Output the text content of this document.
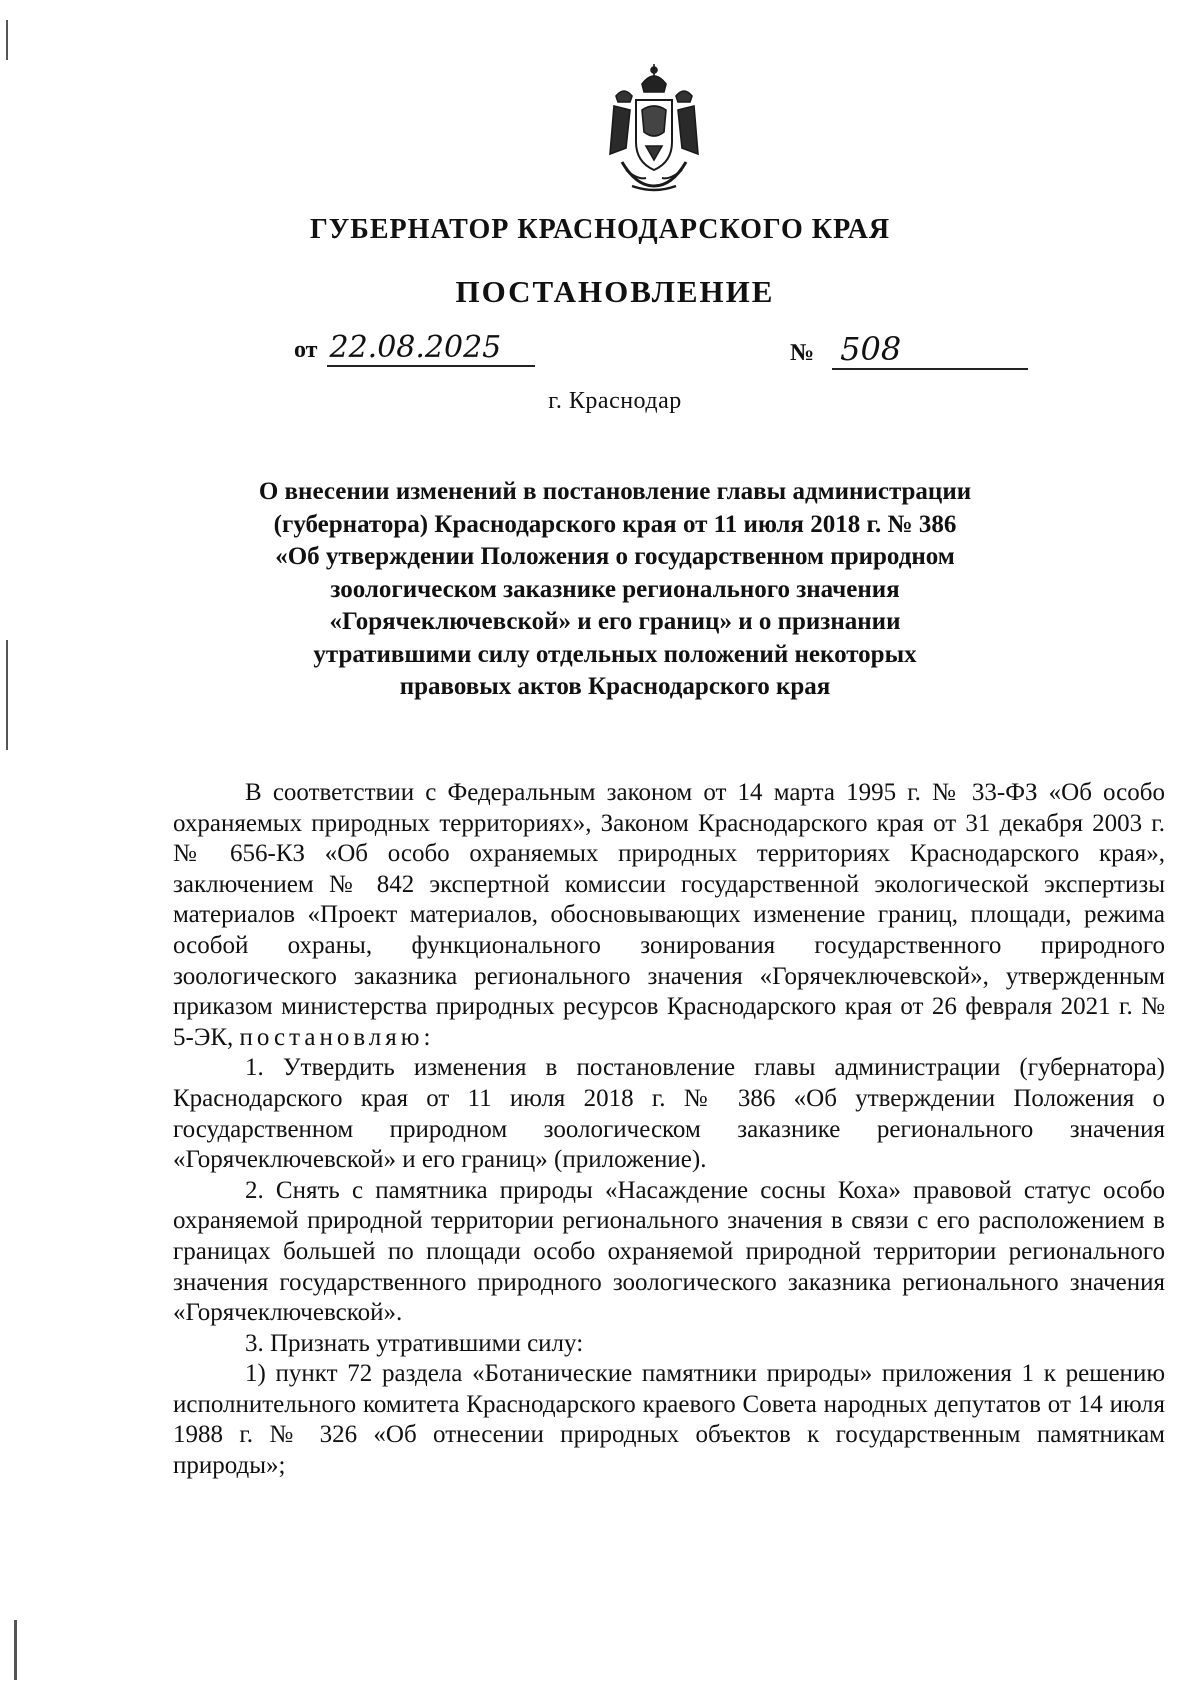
ГУБЕРНАТОР КРАСНОДАРСКОГО КРАЯ
ПОСТАНОВЛЕНИЕ
от 22.08.2025	№ 508
г. Краснодар
О внесении изменений в постановление главы администрации
(губернатора) Краснодарского края от 11 июля 2018 г. № 386
«Об утверждении Положения о государственном природном
зоологическом заказнике регионального значения
«Горячеключевской» и его границ» и о признании
утратившими силу отдельных положений некоторых
правовых актов Краснодарского края

В соответствии с Федеральным законом от 14 марта 1995 г. № 33-ФЗ «Об особо охраняемых природных территориях», Законом Краснодарского края от 31 декабря 2003 г. № 656-КЗ «Об особо охраняемых природных территориях Краснодарского края», заключением № 842 экспертной комиссии государственной экологической экспертизы материалов «Проект материалов, обосновывающих изменение границ, площади, режима особой охраны, функционального зонирования государственного природного зоологического заказника регионального значения «Горячеключевской», утвержденным приказом министерства природных ресурсов Краснодарского края от 26 февраля 2021 г. № 5-ЭК, постановляю:

1. Утвердить изменения в постановление главы администрации (губернатора) Краснодарского края от 11 июля 2018 г. № 386 «Об утверждении Положения о государственном природном зоологическом заказнике регионального значения «Горячеключевской» и его границ» (приложение).

2. Снять с памятника природы «Насаждение сосны Коха» правовой статус особо охраняемой природной территории регионального значения в связи с его расположением в границах большей по площади особо охраняемой природной территории регионального значения государственного природного зоологического заказника регионального значения «Горячеключевской».

3. Признать утратившими силу:

1) пункт 72 раздела «Ботанические памятники природы» приложения 1 к решению исполнительного комитета Краснодарского краевого Совета народных депутатов от 14 июля 1988 г. № 326 «Об отнесении природных объектов к государственным памятникам природы»;
